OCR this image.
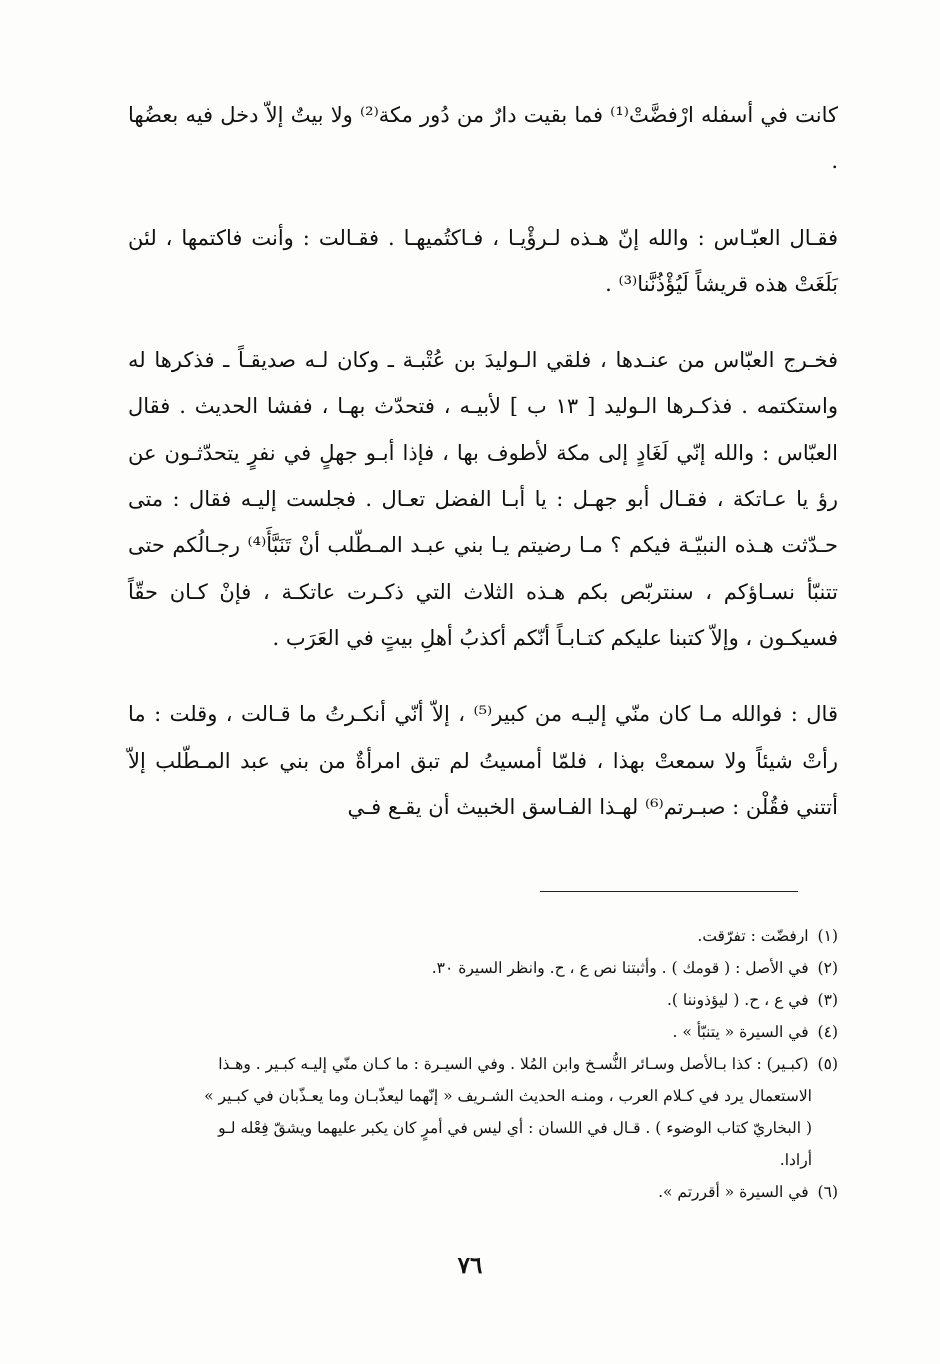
كانت في أسفله ارْفضَّتْ⁽¹⁾ فما بقيت دارٌ من دُور مكة⁽²⁾ ولا بيتٌ إلاّ دخل فيه بعضُها .

فقـال العبّـاس : والله إنّ هـذه لـرؤْيـا ، فـاكتُميهـا . فقـالت : وأنت فاكتمها ، لئن بَلَغَتْ هذه قريشاً لَيُؤْذُنَّنا⁽³⁾ .

فخـرج العبّاس من عنـدها ، فلقي الـوليدَ بن عُتْبـة ـ وكان لـه صديقـاً ـ فذكرها له واستكتمه . فذكـرها الـوليد [ ١٣ ب ] لأبيـه ، فتحدّث بهـا ، ففشا الحديث . فقال العبّاس : والله إنّي لَغَادٍ إلى مكة لأطوف بها ، فإذا أبـو جهلٍ في نفرٍ يتحدّثـون عن رؤ يا عـاتكة ، فقـال أبو جهـل : يا أبـا الفضل تعـال . فجلست إليـه فقال : متى حـدّثت هـذه النبيّـة فيكم ؟ مـا رضيتم يـا بني عبـد المـطّلب أنْ تَنَبَّأَ⁽⁴⁾ رجـالُكم حتى تتنبّأ نسـاؤكم ، سنتربّص بكم هـذه الثلاث التي ذكـرت عاتكـة ، فإنْ كـان حقّاً فسيكـون ، وإلاّ كتبنا عليكم كتـابـاً أنّكم أكذبُ أهلِ بيتٍ في العَرَب .

قال : فوالله مـا كان منّي إليـه من كبير⁽⁵⁾ ، إلاّ أنّي أنكـرتُ ما قـالت ، وقلت : ما رأتْ شيئاً ولا سمعتْ بهذا ، فلمّا أمسيتُ لم تبق امرأةٌ من بني عبد المـطّلب إلاّ أتتني فقُلْن : صبـرتم⁽⁶⁾ لهـذا الفـاسق الخبيث أن يقـع فـي

(١) ارفضّت : تفرّقت.

(٢) في الأصل : ( قومك ) . وأثبتنا نص ع ، ح. وانظر السيرة ٣٠.

(٣) في ع ، ح. ( ليؤذوننا ).

(٤) في السيرة « يتنبّأ » .

(٥) (كبـير) : كذا بـالأصل وسـائر النُّسـخ وابن المُلا . وفي السيـرة : ما كـان منّي إليـه كبـير . وهـذا

الاستعمال يرد في كـلام العرب ، ومنـه الحديث الشـريف « إنّهما ليعذّبـان وما يعـذّبان في كبـير »

( البخاريّ كتاب الوضوء ) . قـال في اللسان : أي ليس في أمرٍ كان يكبر عليهما ويشقّ فِعْله لـو

أرادا.

(٦) في السيرة « أقررتم ».

٧٦
